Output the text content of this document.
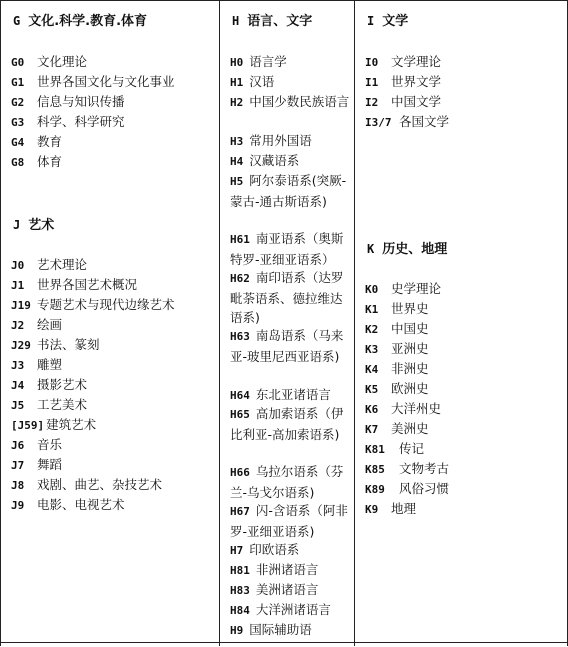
G 文化.科学.教育.体育
G0 文化理论
G1 世界各国文化与文化事业
G2 信息与知识传播
G3 科学、科学研究
G4 教育
G8 体育
J 艺术
J0 艺术理论
J1 世界各国艺术概况
J19 专题艺术与现代边缘艺术
J2 绘画
J29 书法、篆刻
J3 雕塑
J4 摄影艺术
J5 工艺美术
[J59] 建筑艺术
J6 音乐
J7 舞蹈
J8 戏剧、曲艺、杂技艺术
J9 电影、电视艺术
H 语言、文字
H0 语言学
H1 汉语
H2 中国少数民族语言
H3 常用外国语
H4 汉藏语系
H5 阿尔泰语系(突厥-蒙古-通古斯语系)
H61 南亚语系（奥斯特罗-亚细亚语系）
H62 南印语系（达罗毗荼语系、德拉维达语系)
H63 南岛语系（马来亚-玻里尼西亚语系)
H64 东北亚诸语言
H65 高加索语系（伊比利亚-高加索语系)
H66 乌拉尔语系（芬兰-乌戈尔语系)
H67 闪-含语系（阿非罗-亚细亚语系)
H7 印欧语系
H81 非洲诸语言
H83 美洲诸语言
H84 大洋洲诸语言
H9 国际辅助语
I 文学
I0 文学理论
I1 世界文学
I2 中国文学
I3/7 各国文学
K 历史、地理
K0 史学理论
K1 世界史
K2 中国史
K3 亚洲史
K4 非洲史
K5 欧洲史
K6 大洋州史
K7 美洲史
K81 传记
K85 文物考古
K89 风俗习惯
K9 地理
